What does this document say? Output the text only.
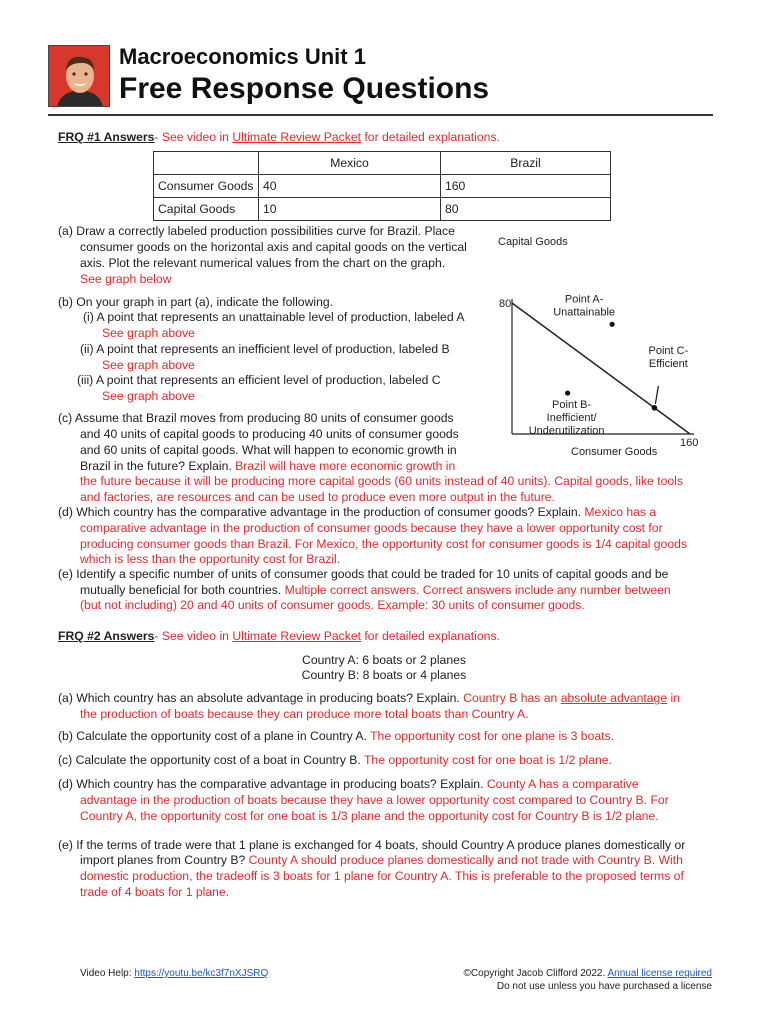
Macroeconomics Unit 1
Free Response Questions
FRQ #1 Answers- See video in Ultimate Review Packet for detailed explanations.
	Mexico	Brazil
Consumer Goods	40	160
Capital Goods	10	80
(a) Draw a correctly labeled production possibilities curve for Brazil. Place
consumer goods on the horizontal axis and capital goods on the vertical
axis. Plot the relevant numerical values from the chart on the graph.
See graph below
(b) On your graph in part (a), indicate the following.
(i) A point that represents an unattainable level of production, labeled A
See graph above
(ii) A point that represents an inefficient level of production, labeled B
See graph above
(iii) A point that represents an efficient level of production, labeled C
See graph above
(c) Assume that Brazil moves from producing 80 units of consumer goods
and 40 units of capital goods to producing 40 units of consumer goods
and 60 units of capital goods. What will happen to economic growth in
Brazil in the future? Explain. Brazil will have more economic growth in
the future because it will be producing more capital goods (60 units instead of 40 units). Capital goods, like tools
and factories, are resources and can be used to produce even more output in the future.
(d) Which country has the comparative advantage in the production of consumer goods? Explain. Mexico has a
comparative advantage in the production of consumer goods because they have a lower opportunity cost for
producing consumer goods than Brazil. For Mexico, the opportunity cost for consumer goods is 1/4 capital goods
which is less than the opportunity cost for Brazil.
(e) Identify a specific number of units of consumer goods that could be traded for 10 units of capital goods and be
mutually beneficial for both countries. Multiple correct answers. Correct answers include any number between
(but not including) 20 and 40 units of consumer goods. Example: 30 units of consumer goods.
Capital Goods
Consumer Goods
80
160
Point A-
Unattainable
Point B-
Inefficient/
Underutilization
Point C-
Efficient
FRQ #2 Answers- See video in Ultimate Review Packet for detailed explanations.
Country A: 6 boats or 2 planes
Country B: 8 boats or 4 planes
(a) Which country has an absolute advantage in producing boats? Explain. Country B has an absolute advantage in
the production of boats because they can produce more total boats than Country A.
(b) Calculate the opportunity cost of a plane in Country A. The opportunity cost for one plane is 3 boats.
(c) Calculate the opportunity cost of a boat in Country B. The opportunity cost for one boat is 1/2 plane.
(d) Which country has the comparative advantage in producing boats? Explain. County A has a comparative
advantage in the production of boats because they have a lower opportunity cost compared to Country B. For
Country A, the opportunity cost for one boat is 1/3 plane and the opportunity cost for Country B is 1/2 plane.
(e) If the terms of trade were that 1 plane is exchanged for 4 boats, should Country A produce planes domestically or
import planes from Country B? County A should produce planes domestically and not trade with Country B. With
domestic production, the tradeoff is 3 boats for 1 plane for Country A. This is preferable to the proposed terms of
trade of 4 boats for 1 plane.
Video Help: https://youtu.be/kc3f7nXJSRQ	©Copyright Jacob Clifford 2022. Annual license required
Do not use unless you have purchased a license
